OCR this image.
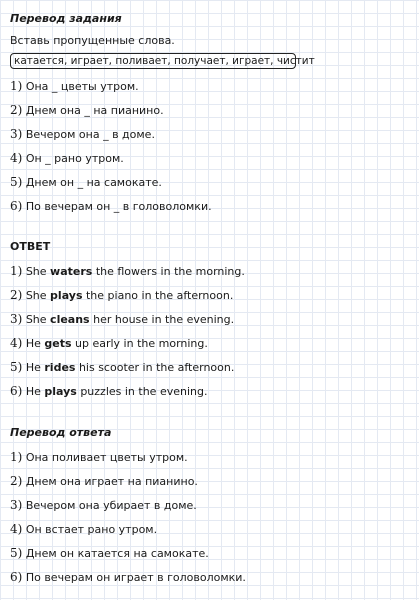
Перевод задания
Вставь пропущенные слова.
катается, играет, поливает, получает, играет, чистит
1) Она _ цветы утром.
2) Днем она _ на пианино.
3) Вечером она _ в доме.
4) Он _ рано утром.
5) Днем он _ на самокате.
6) По вечерам он _ в головоломки.
ОТВЕТ
1) She waters the flowers in the morning.
2) She plays the piano in the afternoon.
3) She cleans her house in the evening.
4) He gets up early in the morning.
5) He rides his scooter in the afternoon.
6) He plays puzzles in the evening.
Перевод ответа
1) Она поливает цветы утром.
2) Днем она играет на пианино.
3) Вечером она убирает в доме.
4) Он встает рано утром.
5) Днем он катается на самокате.
6) По вечерам он играет в головоломки.
